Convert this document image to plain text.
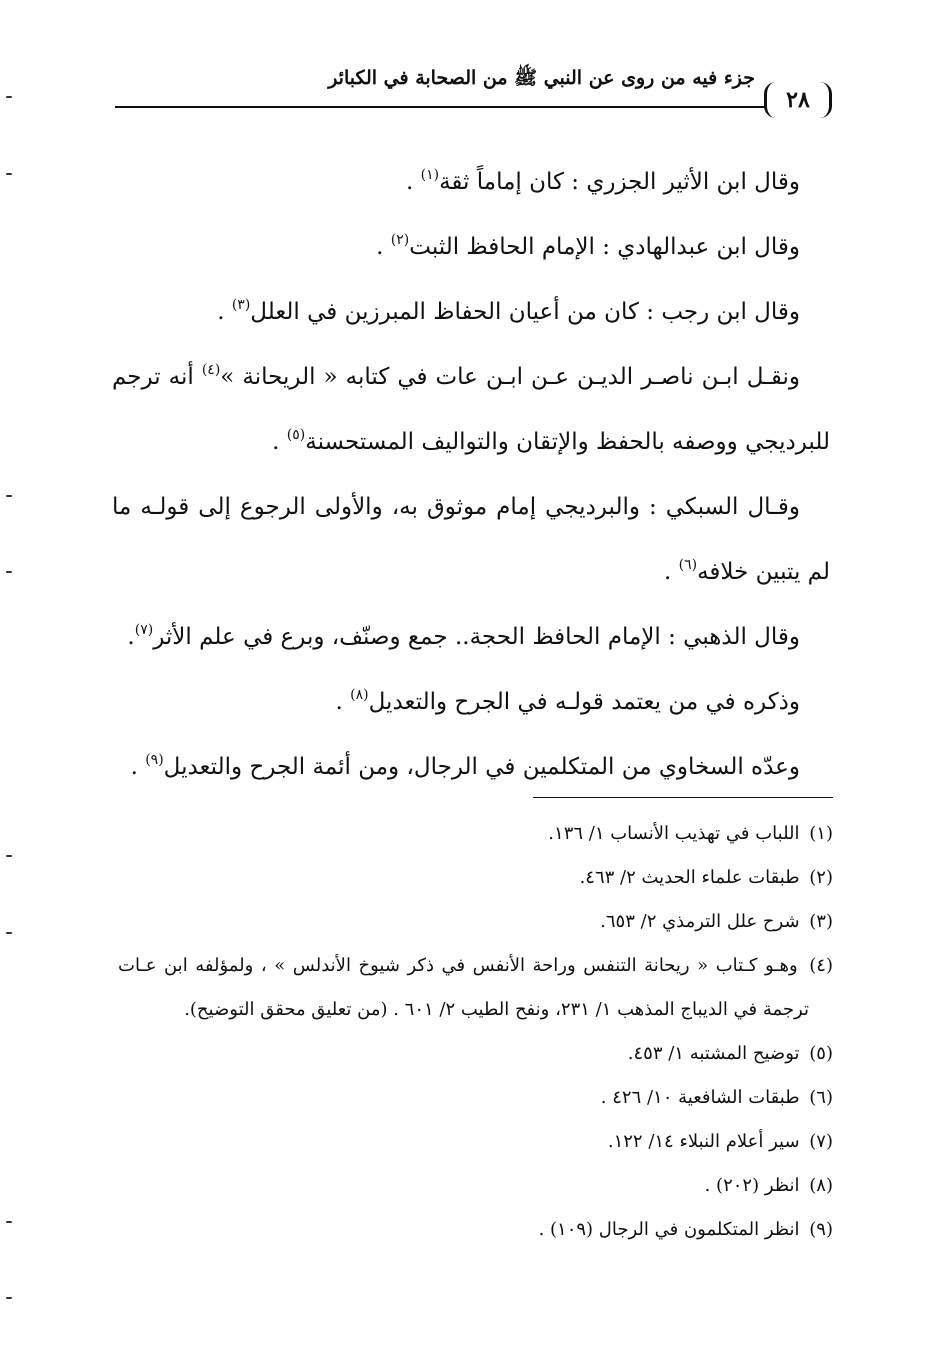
جزء فيه من روى عن النبي ﷺ من الصحابة في الكبائر
٢٨

وقال ابن الأثير الجزري : كان إماماً ثقة$^{(١)}$ .

وقال ابن عبدالهادي : الإمام الحافظ الثبت$^{(٢)}$ .

وقال ابن رجب : كان من أعيان الحفاظ المبرزين في العلل$^{(٣)}$ .

ونقـل ابـن ناصـر الديـن عـن ابـن عات في كتابه « الريحانة »$^{(٤)}$ أنه ترجم للبرديجي ووصفه بالحفظ والإتقان والتواليف المستحسنة$^{(٥)}$ .

وقـال السبكي : والبرديجي إمام موثوق به، والأولى الرجوع إلى قولـه ما لم يتبين خلافه$^{(٦)}$ .

وقال الذهبي : الإمام الحافظ الحجة.. جمع وصنّف، وبرع في علم الأثر$^{(٧)}$.

وذكره في من يعتمد قولـه في الجرح والتعديل$^{(٨)}$ .

وعدّه السخاوي من المتكلمين في الرجال، ومن أئمة الجرح والتعديل$^{(٩)}$ .

(١) اللباب في تهذيب الأنساب ١/ ١٣٦.

(٢) طبقات علماء الحديث ٢/ ٤٦٣.

(٣) شرح علل الترمذي ٢/ ٦٥٣.

(٤) وهـو كـتاب « ريحانة التنفس وراحة الأنفس في ذكر شيوخ الأندلس » ، ولمؤلفه ابن عـات ترجمة في الديباج المذهب ١/ ٢٣١، ونفح الطيب ٢/ ٦٠١ . (من تعليق محقق التوضيح).

(٥) توضيح المشتبه ١/ ٤٥٣.

(٦) طبقات الشافعية ١٠/ ٤٢٦ .

(٧) سير أعلام النبلاء ١٤/ ١٢٢.

(٨) انظر (٢٠٢) .

(٩) انظر المتكلمون في الرجال (١٠٩) .
